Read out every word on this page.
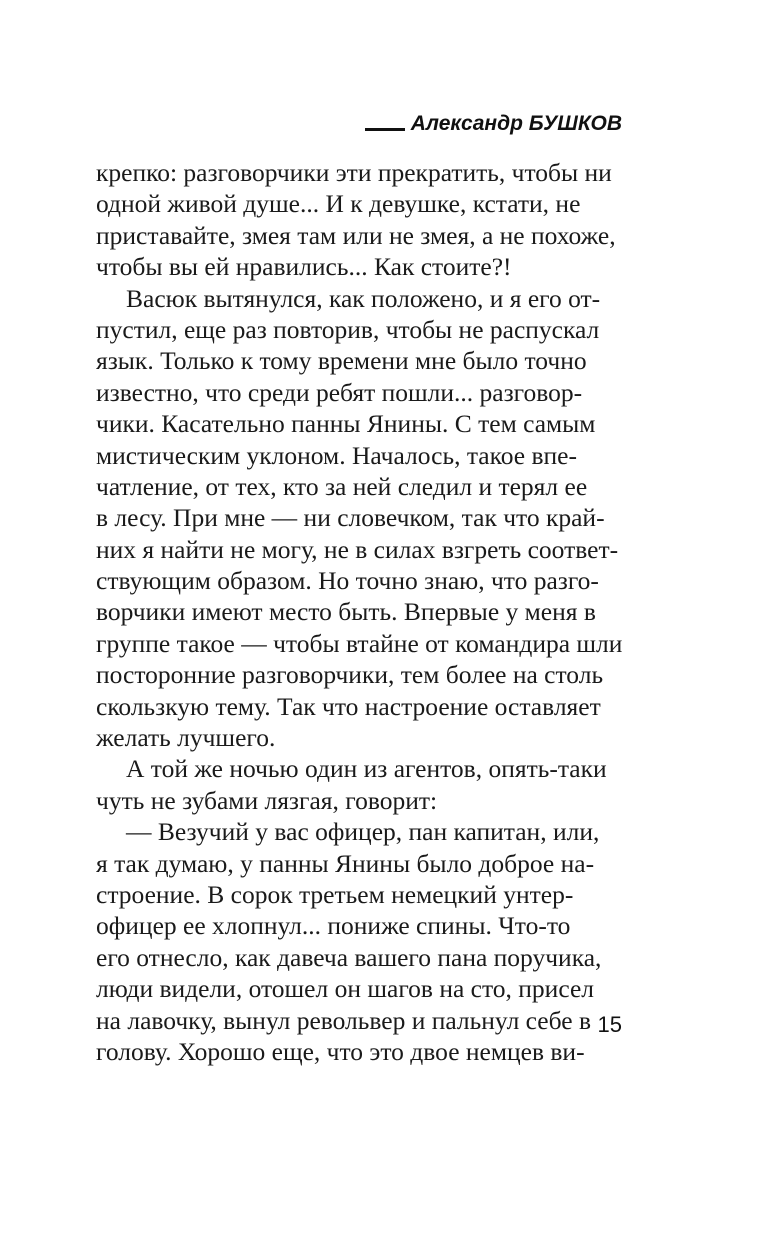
Александр БУШКОВ
крепко: разговорчики эти прекратить, чтобы ни
одной живой душе... И к девушке, кстати, не
приставайте, змея там или не змея, а не похоже,
чтобы вы ей нравились... Как стоите?!
Васюк вытянулся, как положено, и я его от-
пустил, еще раз повторив, чтобы не распускал
язык. Только к тому времени мне было точно
известно, что среди ребят пошли... разговор-
чики. Касательно панны Янины. С тем самым
мистическим уклоном. Началось, такое впе-
чатление, от тех, кто за ней следил и терял ее
в лесу. При мне — ни словечком, так что край-
них я найти не могу, не в силах взгреть соответ-
ствующим образом. Но точно знаю, что разго-
ворчики имеют место быть. Впервые у меня в
группе такое — чтобы втайне от командира шли
посторонние разговорчики, тем более на столь
скользкую тему. Так что настроение оставляет
желать лучшего.
А той же ночью один из агентов, опять-таки
чуть не зубами лязгая, говорит:
— Везучий у вас офицер, пан капитан, или,
я так думаю, у панны Янины было доброе на-
строение. В сорок третьем немецкий унтер-
офицер ее хлопнул... пониже спины. Что-то
его отнесло, как давеча вашего пана поручика,
люди видели, отошел он шагов на сто, присел
на лавочку, вынул револьвер и пальнул себе в
голову. Хорошо еще, что это двое немцев ви-
15
